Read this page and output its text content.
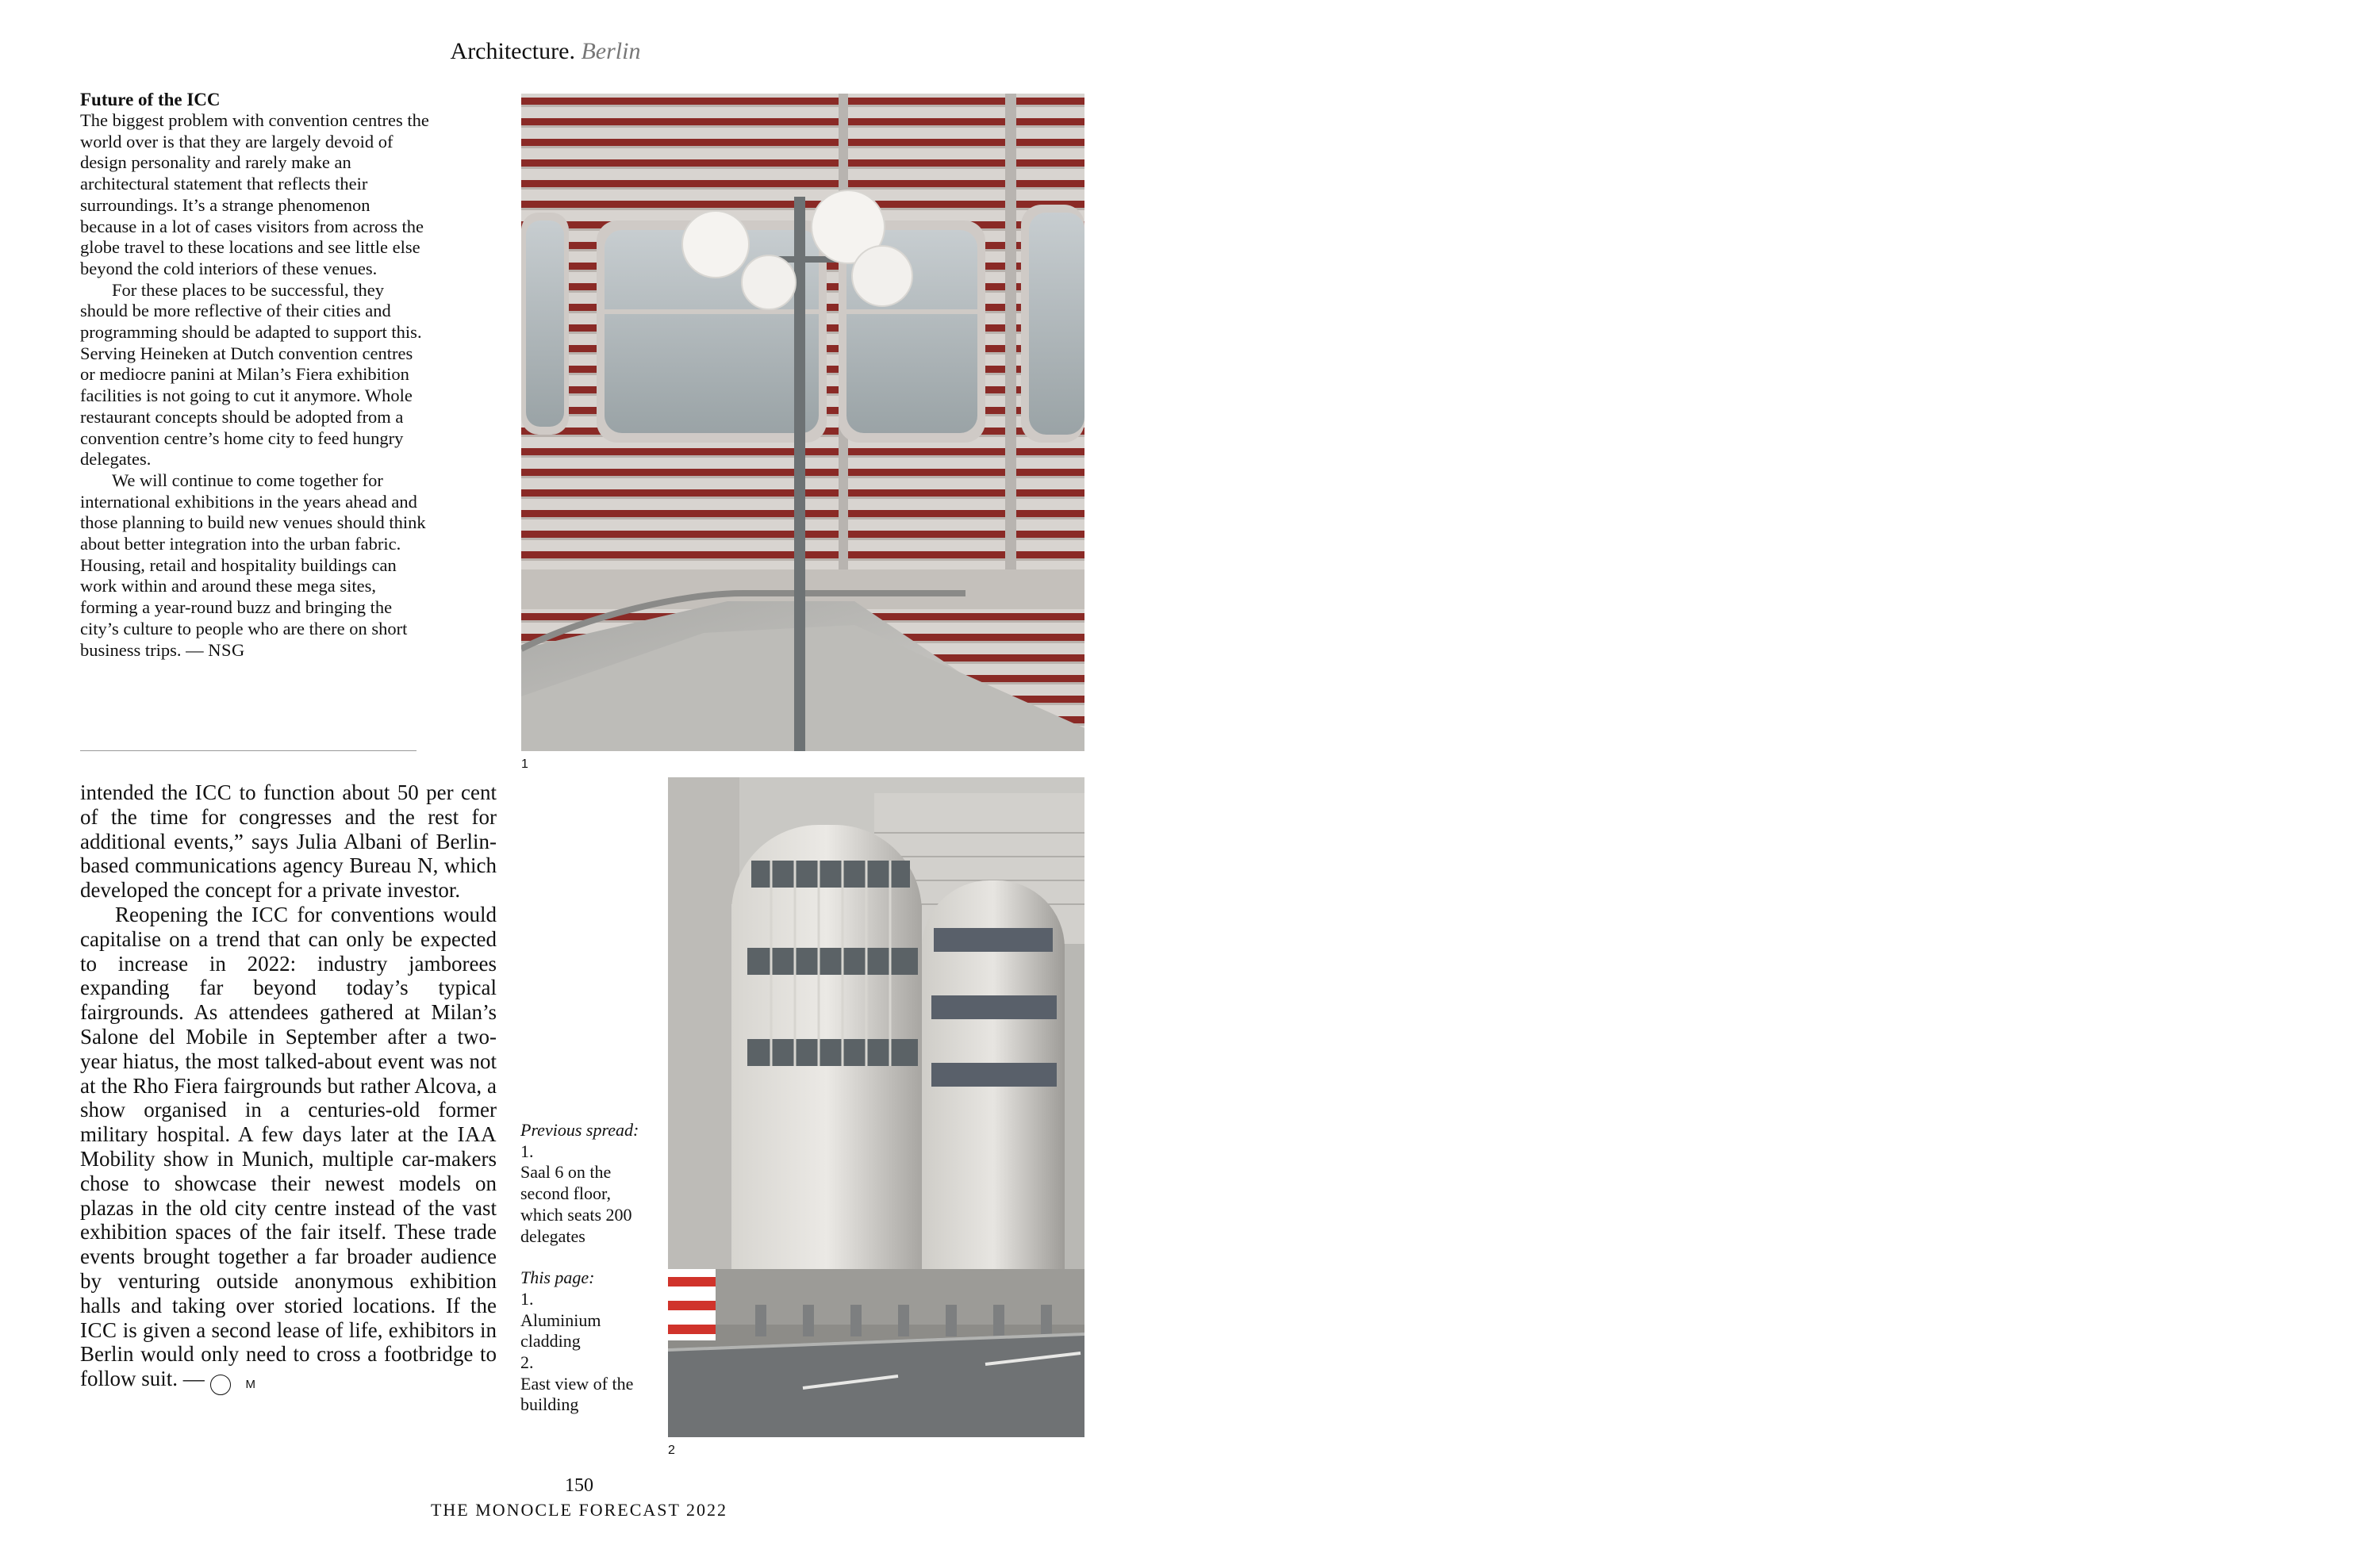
Architecture. Berlin
Future of the ICC

The biggest problem with convention centres the world over is that they are largely devoid of design personality and rarely make an architectural statement that reflects their surroundings. It’s a strange phenomenon because in a lot of cases visitors from across the globe travel to these locations and see little else beyond the cold interiors of these venues.

For these places to be successful, they should be more reflective of their cities and programming should be adapted to support this. Serving Heineken at Dutch convention centres or mediocre panini at Milan’s Fiera exhibition facilities is not going to cut it anymore. Whole restaurant concepts should be adopted from a convention centre’s home city to feed hungry delegates.

We will continue to come together for international exhibitions in the years ahead and those planning to build new venues should think about better integration into the urban fabric. Housing, retail and hospitality buildings can work within and around these mega sites, forming a year-round buzz and bringing the city’s culture to people who are there on short business trips. — NSG

intended the ICC to function about 50 per cent of the time for congresses and the rest for additional events,” says Julia Albani of Berlin-based communications agency Bureau N, which developed the concept for a private investor.

Reopening the ICC for conventions would capitalise on a trend that can only be expected to increase in 2022: industry jamborees expanding far beyond today’s typical fairgrounds. As attendees gathered at Milan’s Salone del Mobile in September after a two-year hiatus, the most talked-about event was not at the Rho Fiera fairgrounds but rather Alcova, a show organised in a centuries-old former military hospital. A few days later at the IAA Mobility show in Munich, multiple car-makers chose to showcase their newest models on plazas in the old city centre instead of the vast exhibition spaces of the fair itself. These trade events brought together a far broader audience by venturing outside anonymous exhibition halls and taking over storied locations. If the ICC is given a second lease of life, exhibitors in Berlin would only need to cross a footbridge to follow suit. —	M

1
2

Previous spread:

1.

Saal 6 on the second floor, which seats 200 delegates

This page:

1.

Aluminium cladding

2.

East view of the building

150
THE MONOCLE FORECAST 2022
